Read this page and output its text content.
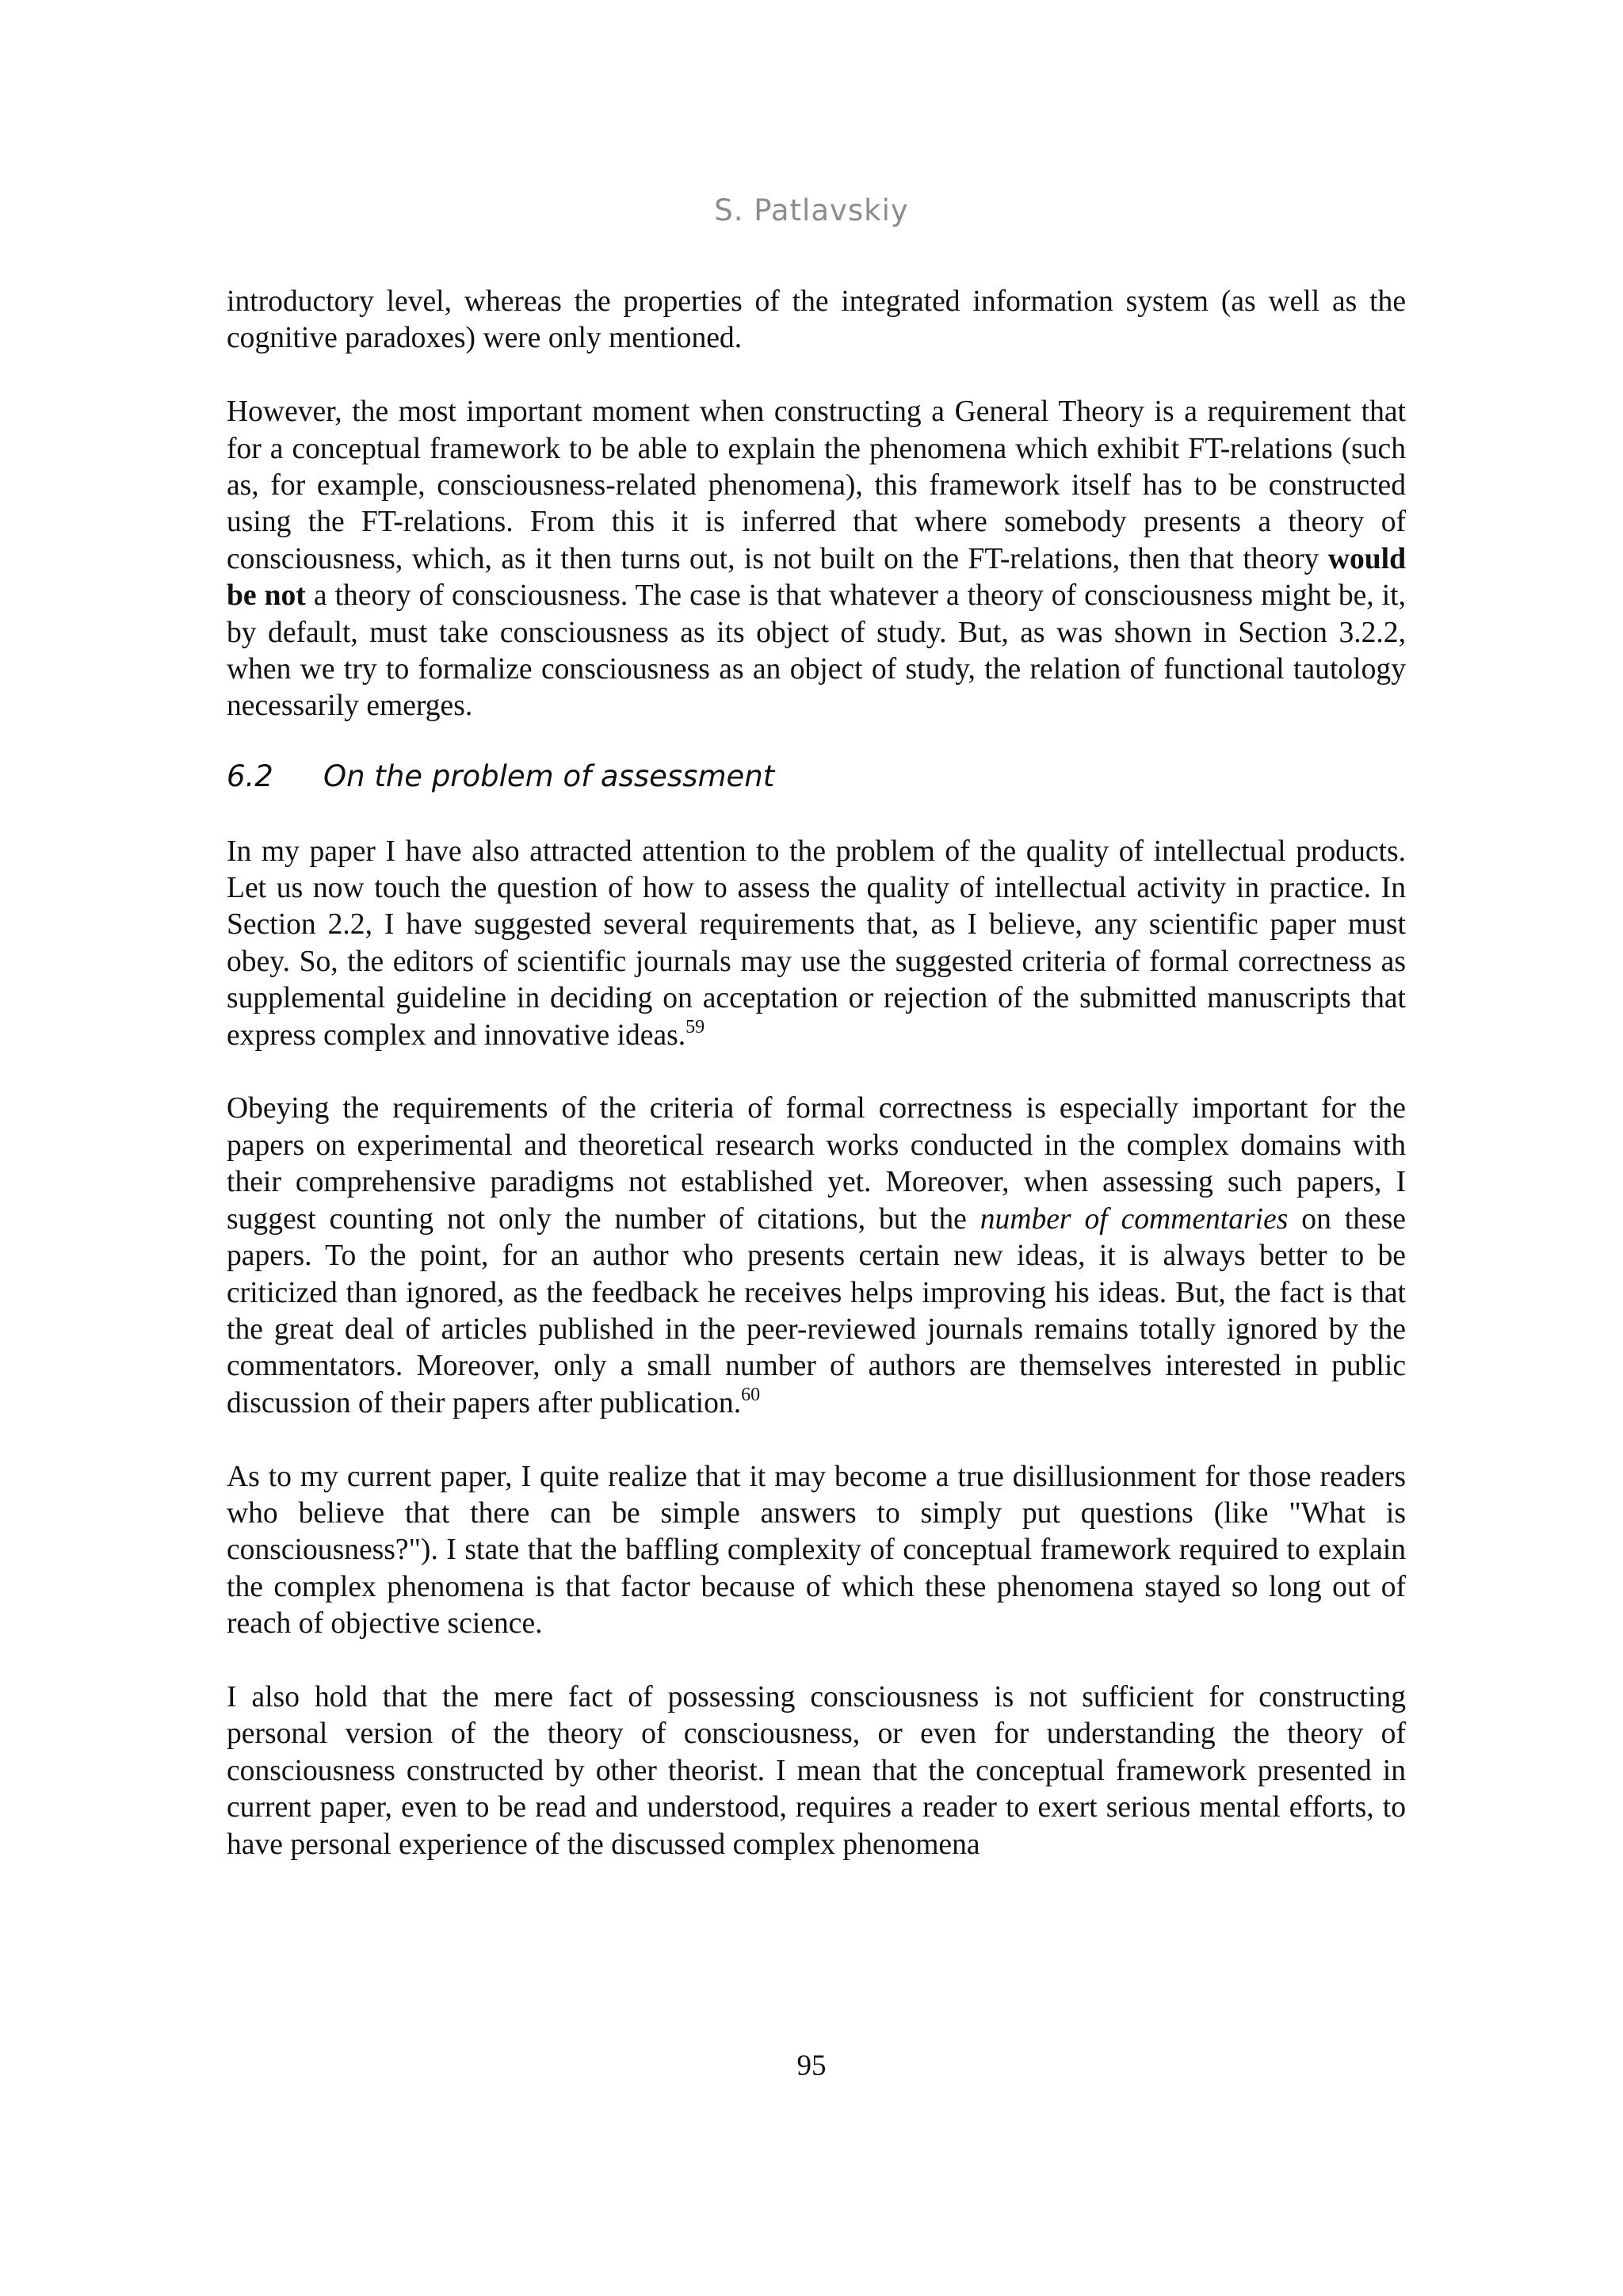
S. Patlavskiy

introductory level, whereas the properties of the integrated information system (as well as the cognitive paradoxes) were only mentioned.

However, the most important moment when constructing a General Theory is a requirement that for a conceptual framework to be able to explain the phenomena which exhibit FT-relations (such as, for example, consciousness-related phenomena), this framework itself has to be constructed using the FT-relations. From this it is inferred that where somebody presents a theory of consciousness, which, as it then turns out, is not built on the FT-relations, then that theory would be not a theory of consciousness. The case is that whatever a theory of consciousness might be, it, by default, must take consciousness as its object of study. But, as was shown in Section 3.2.2, when we try to formalize consciousness as an object of study, the relation of functional tautology necessarily emerges.

6.2 On the problem of assessment

In my paper I have also attracted attention to the problem of the quality of intellectual products. Let us now touch the question of how to assess the quality of intellectual activity in practice. In Section 2.2, I have suggested several requirements that, as I believe, any scientific paper must obey. So, the editors of scientific journals may use the suggested criteria of formal correctness as supplemental guideline in deciding on acceptation or rejection of the submitted manuscripts that express complex and innovative ideas.$^{59}$

Obeying the requirements of the criteria of formal correctness is especially important for the papers on experimental and theoretical research works conducted in the complex domains with their comprehensive paradigms not established yet. Moreover, when assessing such papers, I suggest counting not only the number of citations, but the number of commentaries on these papers. To the point, for an author who presents certain new ideas, it is always better to be criticized than ignored, as the feedback he receives helps improving his ideas. But, the fact is that the great deal of articles published in the peer-reviewed journals remains totally ignored by the commentators. Moreover, only a small number of authors are themselves interested in public discussion of their papers after publication.$^{60}$

As to my current paper, I quite realize that it may become a true disillusionment for those readers who believe that there can be simple answers to simply put questions (like "What is consciousness?"). I state that the baffling complexity of conceptual framework required to explain the complex phenomena is that factor because of which these phenomena stayed so long out of reach of objective science.

I also hold that the mere fact of possessing consciousness is not sufficient for constructing personal version of the theory of consciousness, or even for understanding the theory of consciousness constructed by other theorist. I mean that the conceptual framework presented in current paper, even to be read and understood, requires a reader to exert serious mental efforts, to have personal experience of the discussed complex phenomena

95
